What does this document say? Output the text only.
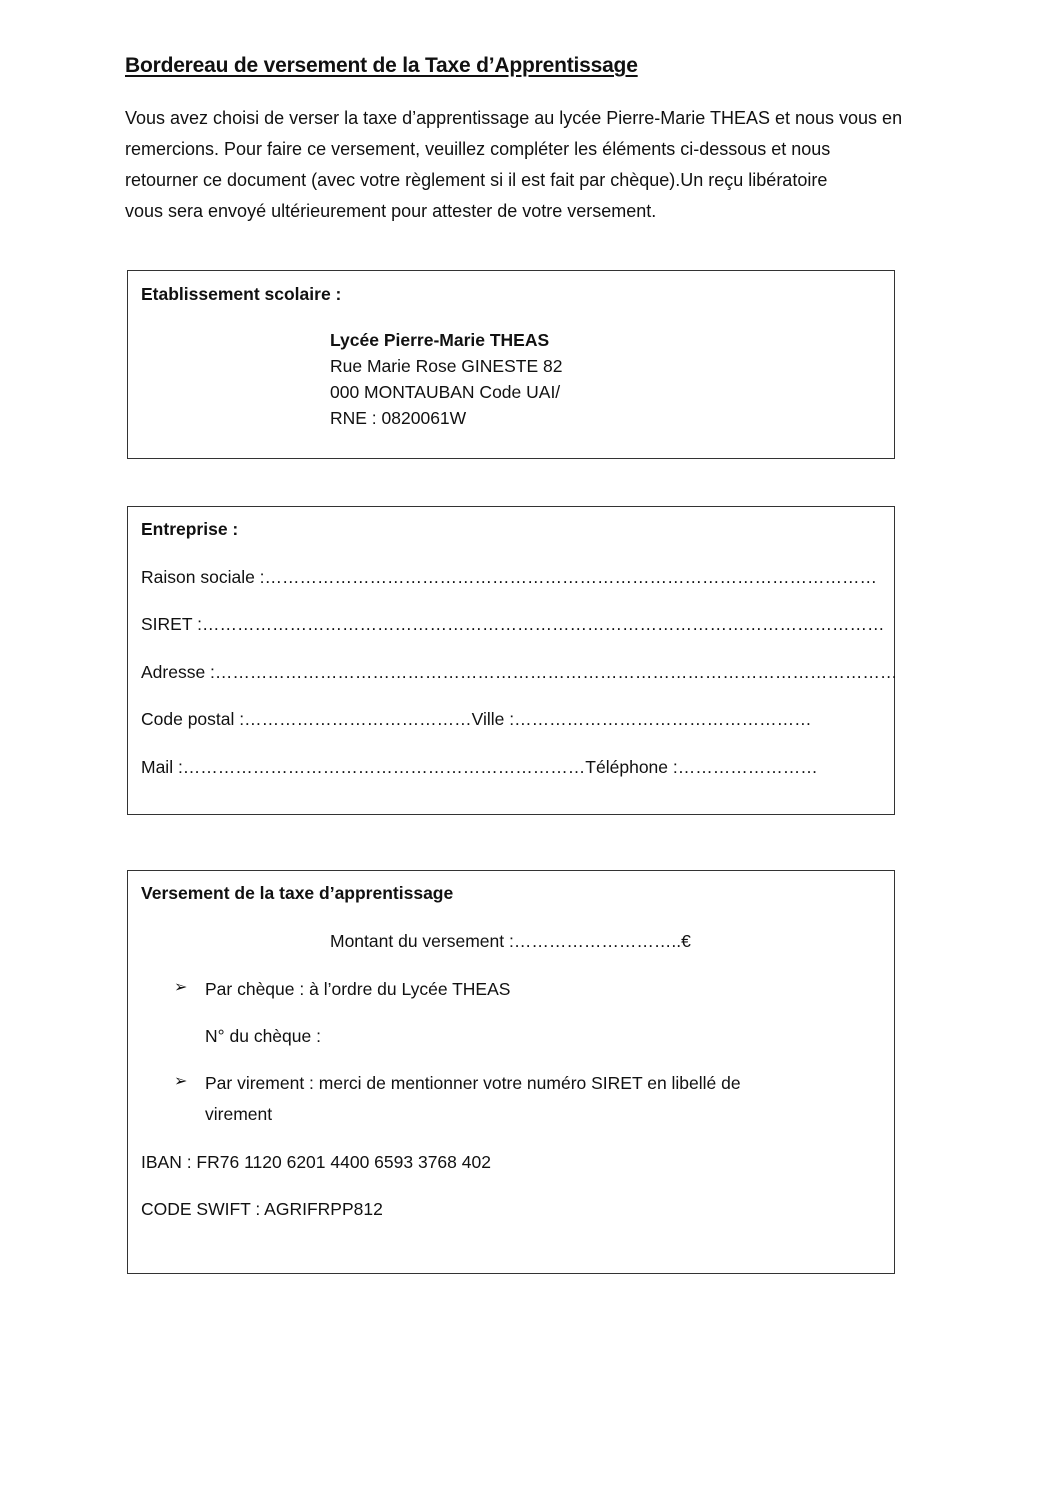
Bordereau de versement de la Taxe d’Apprentissage
Vous avez choisi de verser la taxe d’apprentissage au lycée Pierre-Marie THEAS et nous vous en
remercions. Pour faire ce versement, veuillez compléter les éléments ci-dessous et nous
retourner ce document (avec votre règlement si il est fait par chèque).Un reçu libératoire
vous sera envoyé ultérieurement pour attester de votre versement.
Etablissement scolaire :
Lycée Pierre-Marie THEAS
Rue Marie Rose GINESTE 82
000 MONTAUBAN Code UAI/
RNE : 0820061W
Entreprise :
Raison sociale :……………………………………………………………………………………………
SIRET :………………………………………………………………………………………………………
Adresse :………………………………………………………………………………………………………
Code postal :…………………………………Ville :……………………………………………
Mail :……………………………………………………………Téléphone :……………………
Versement de la taxe d’apprentissage
Montant du versement :………………………..€
➢ Par chèque : à l’ordre du Lycée THEAS
N° du chèque :
➢ Par virement : merci de mentionner votre numéro SIRET en libellé de
virement
IBAN : FR76 1120 6201 4400 6593 3768 402
CODE SWIFT : AGRIFRPP812
